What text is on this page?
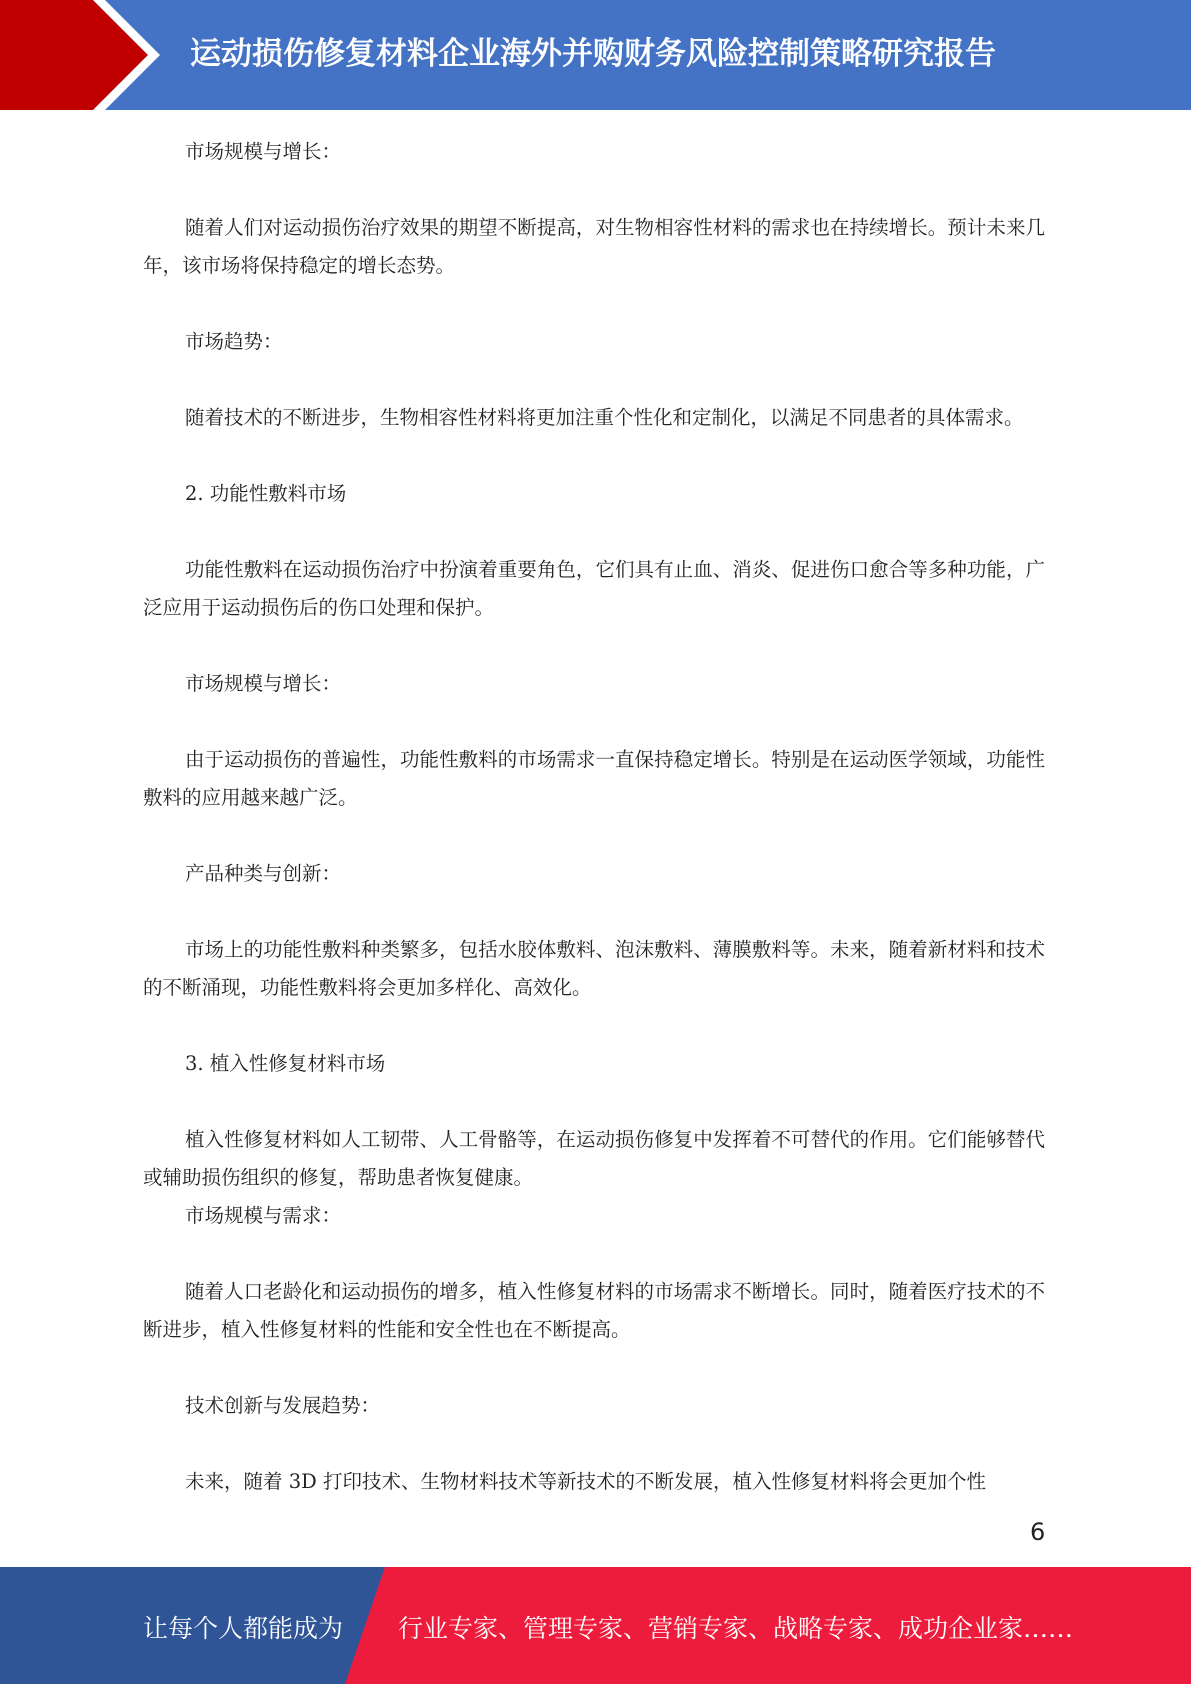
运动损伤修复材料企业海外并购财务风险控制策略研究报告
市场规模与增长：
随着人们对运动损伤治疗效果的期望不断提高，对生物相容性材料的需求也在持续增长。预计未来几年，该市场将保持稳定的增长态势。
市场趋势：
随着技术的不断进步，生物相容性材料将更加注重个性化和定制化，以满足不同患者的具体需求。
2. 功能性敷料市场
功能性敷料在运动损伤治疗中扮演着重要角色，它们具有止血、消炎、促进伤口愈合等多种功能，广泛应用于运动损伤后的伤口处理和保护。
市场规模与增长：
由于运动损伤的普遍性，功能性敷料的市场需求一直保持稳定增长。特别是在运动医学领域，功能性敷料的应用越来越广泛。
产品种类与创新：
市场上的功能性敷料种类繁多，包括水胶体敷料、泡沫敷料、薄膜敷料等。未来，随着新材料和技术的不断涌现，功能性敷料将会更加多样化、高效化。
3. 植入性修复材料市场
植入性修复材料如人工韧带、人工骨骼等，在运动损伤修复中发挥着不可替代的作用。它们能够替代或辅助损伤组织的修复，帮助患者恢复健康。
市场规模与需求：
随着人口老龄化和运动损伤的增多，植入性修复材料的市场需求不断增长。同时，随着医疗技术的不断进步，植入性修复材料的性能和安全性也在不断提高。
技术创新与发展趋势：
未来，随着 3D 打印技术、生物材料技术等新技术的不断发展，植入性修复材料将会更加个性
6
让每个人都能成为 行业专家、管理专家、营销专家、战略专家、成功企业家……
